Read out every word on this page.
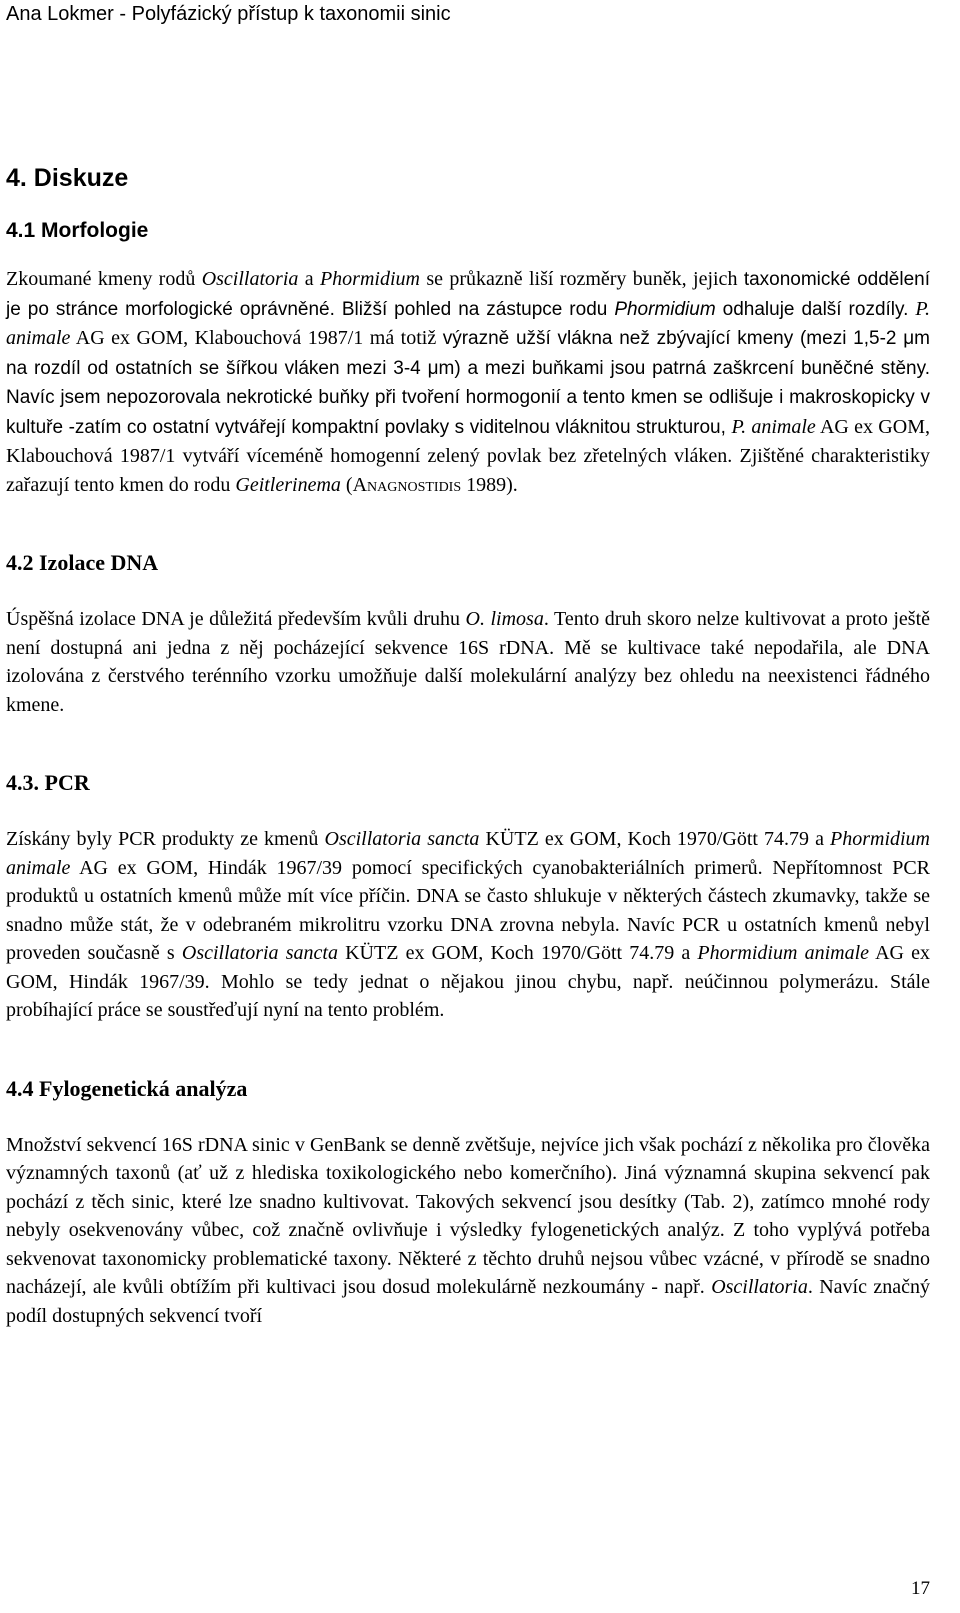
Ana Lokmer - Polyfázický přístup k taxonomii sinic
4. Diskuze
4.1 Morfologie

Zkoumané kmeny rodů Oscillatoria a Phormidium se průkazně liší rozměry buněk, jejich taxonomické oddělení je po stránce morfologické oprávněné. Bližší pohled na zástupce rodu Phormidium odhaluje další rozdíly. P. animale AG ex GOM, Klabouchová 1987/1 má totiž výrazně užší vlákna než zbývající kmeny (mezi 1,5-2 μm na rozdíl od ostatních se šířkou vláken mezi 3-4 μm) a mezi buňkami jsou patrná zaškrcení buněčné stěny. Navíc jsem nepozorovala nekrotické buňky při tvoření hormogonií a tento kmen se odlišuje i makroskopicky v kultuře -zatím co ostatní vytvářejí kompaktní povlaky s viditelnou vláknitou strukturou, P. animale AG ex GOM, Klabouchová 1987/1 vytváří víceméně homogenní zelený povlak bez zřetelných vláken. Zjištěné charakteristiky zařazují tento kmen do rodu Geitlerinema (Anagnostidis 1989).

4.2 Izolace DNA

Úspěšná izolace DNA je důležitá především kvůli druhu O. limosa. Tento druh skoro nelze kultivovat a proto ještě není dostupná ani jedna z něj pocházející sekvence 16S rDNA. Mě se kultivace také nepodařila, ale DNA izolována z čerstvého terénního vzorku umožňuje další molekulární analýzy bez ohledu na neexistenci řádného kmene.

4.3. PCR

Získány byly PCR produkty ze kmenů Oscillatoria sancta KÜTZ ex GOM, Koch 1970/Gött 74.79 a Phormidium animale AG ex GOM, Hindák 1967/39 pomocí specifických cyanobakteriálních primerů. Nepřítomnost PCR produktů u ostatních kmenů může mít více příčin. DNA se často shlukuje v některých částech zkumavky, takže se snadno může stát, že v odebraném mikrolitru vzorku DNA zrovna nebyla. Navíc PCR u ostatních kmenů nebyl proveden současně s Oscillatoria sancta KÜTZ ex GOM, Koch 1970/Gött 74.79 a Phormidium animale AG ex GOM, Hindák 1967/39. Mohlo se tedy jednat o nějakou jinou chybu, např. neúčinnou polymerázu. Stále probíhající práce se soustřeďují nyní na tento problém.

4.4 Fylogenetická analýza

Množství sekvencí 16S rDNA sinic v GenBank se denně zvětšuje, nejvíce jich však pochází z několika pro člověka významných taxonů (ať už z hlediska toxikologického nebo komerčního). Jiná významná skupina sekvencí pak pochází z těch sinic, které lze snadno kultivovat. Takových sekvencí jsou desítky (Tab. 2), zatímco mnohé rody nebyly osekvenovány vůbec, což značně ovlivňuje i výsledky fylogenetických analýz. Z toho vyplývá potřeba sekvenovat taxonomicky problematické taxony. Některé z těchto druhů nejsou vůbec vzácné, v přírodě se snadno nacházejí, ale kvůli obtížím při kultivaci jsou dosud molekulárně nezkoumány - např. Oscillatoria. Navíc značný podíl dostupných sekvencí tvoří

17
